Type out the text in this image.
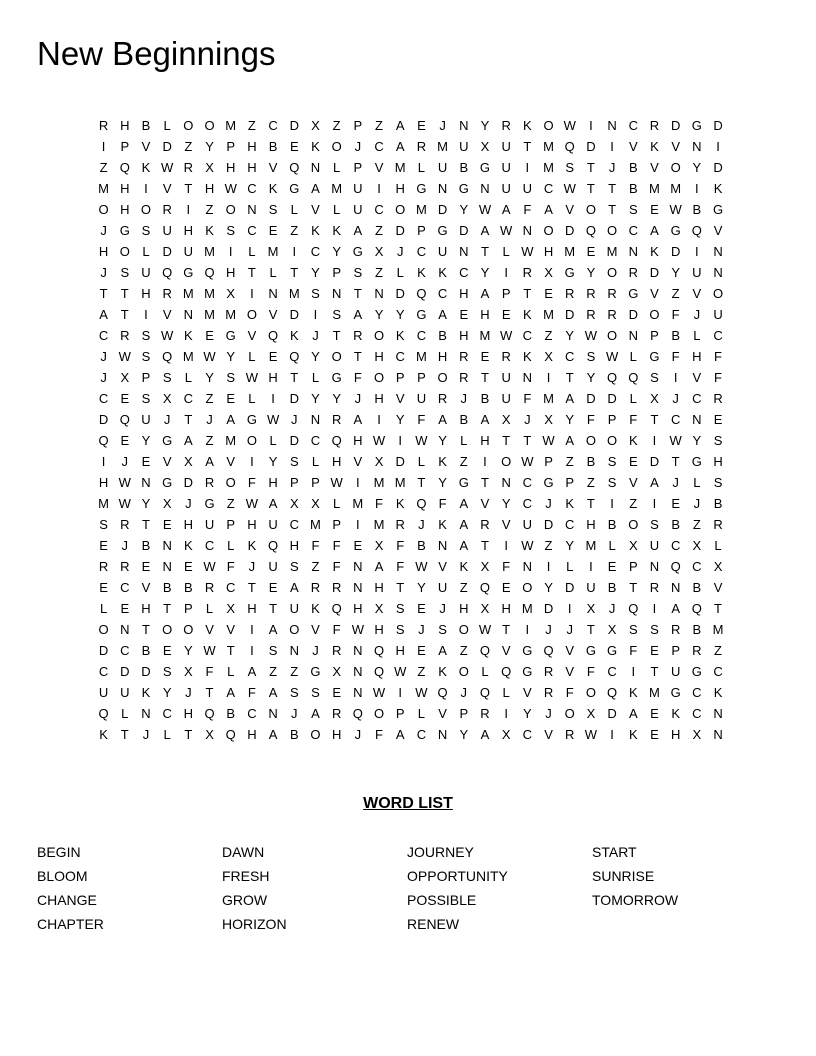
New Beginnings
R H B	L O O M Z C D X Z P Z A E	J	N Y R K O W	I	N C R D G D
I	P V D Z Y P H B E K O J	C A R M U X U T M Q D	I	V K V N	I
Z Q K W R X H H V Q N L	P V M L U B G U	I	M S T	J	B V O Y D
M H	I	V T H W C K G A M U	I	H G N G N U U C W T	T B M M	I	K
O H O R	I	Z O N S	L	V	L U C O M D Y W A F A V O T S E W B G
J G S U H K S C E Z K K A Z D P G D A W N O D Q O C A G Q V
H O L D U M	I	L M	I	C Y G X	J	C U N T	L W H M E M N K D	I	N
J	S U Q G Q H T	L	T Y P S Z	L	K K C Y	I	R X G Y O R D Y U N
T	T H R M M X	I	N M S N T N D Q C H A P T E R R R G V Z V O
A T	I	V N M M O V D	I	S A Y Y G A E H E K M D R R D O F	J	U
C R S W K E G V Q K	J	T R O K C B H M W C Z Y W O N P B	L C
J W S Q M W Y	L	E Q Y O T H C M H R E R K X C S W L G F H F
J	X P S	L	Y S W H T	L G F O P P O R T U N	I	T Y Q Q S	I	V F
C E S X C Z E	L	I	D Y Y	J	H V U R	J	B U F M A D D L	X	J	C R
D Q U	J	T	J	A G W J	N R A	I	Y F A B A X	J	X Y F P F	T C N E
Q E Y G A Z M O L D C Q H W	I	W Y	L H T	T W A O O K	I	W Y S
I	J	E V X A V	I	Y S	L H V X D L	K Z	I	O W P Z B S E D T G H
H W N G D R O F H P P W	I	M M T Y G T N C G P Z S V A	J	L	S
M W Y X	J G Z W A X X	L M F K Q F A V Y C	J	K T	I	Z	I	E	J	B
S R T E H U P H U C M P	I	M R	J	K A R V U D C H B O S B Z R
E	J	B N K C L	K Q H F	F E X F B N A T	I	W Z Y M L	X U C X	L
R R E N E W F	J	U S Z	F N A F W V K X F N	I	L	I	E P N Q C X
E C V B B R C T E A R R N H T Y U Z Q E O Y D U B T R N B V
L	E H T P	L	X H T U K Q H X S E	J	H X H M D	I	X	J Q	I	A Q T
O N T O O V V	I	A O V F W H S	J	S O W T	I	J	J	T X S S R B M
D C B E Y W T	I	S N	J	R N Q H E A Z Q V G Q V G G F E P R Z
C D D S X F	L	A Z	Z G X N Q W Z K O L Q G R V F C	I	T U G C
U U K Y	J	T A F A S S E N W	I	W Q J Q L	V R F O Q K M G C K
Q L N C H Q B C N	J	A R Q O P	L	V P R	I	Y	J O X D A E K C N
K T	J	L	T X Q H A B O H	J	F A C N Y A X C V R W	I	K E H X N
WORD LIST
BEGIN
BLOOM
CHANGE
CHAPTER
DAWN
FRESH
GROW
HORIZON
JOURNEY
OPPORTUNITY
POSSIBLE
RENEW
START
SUNRISE
TOMORROW
